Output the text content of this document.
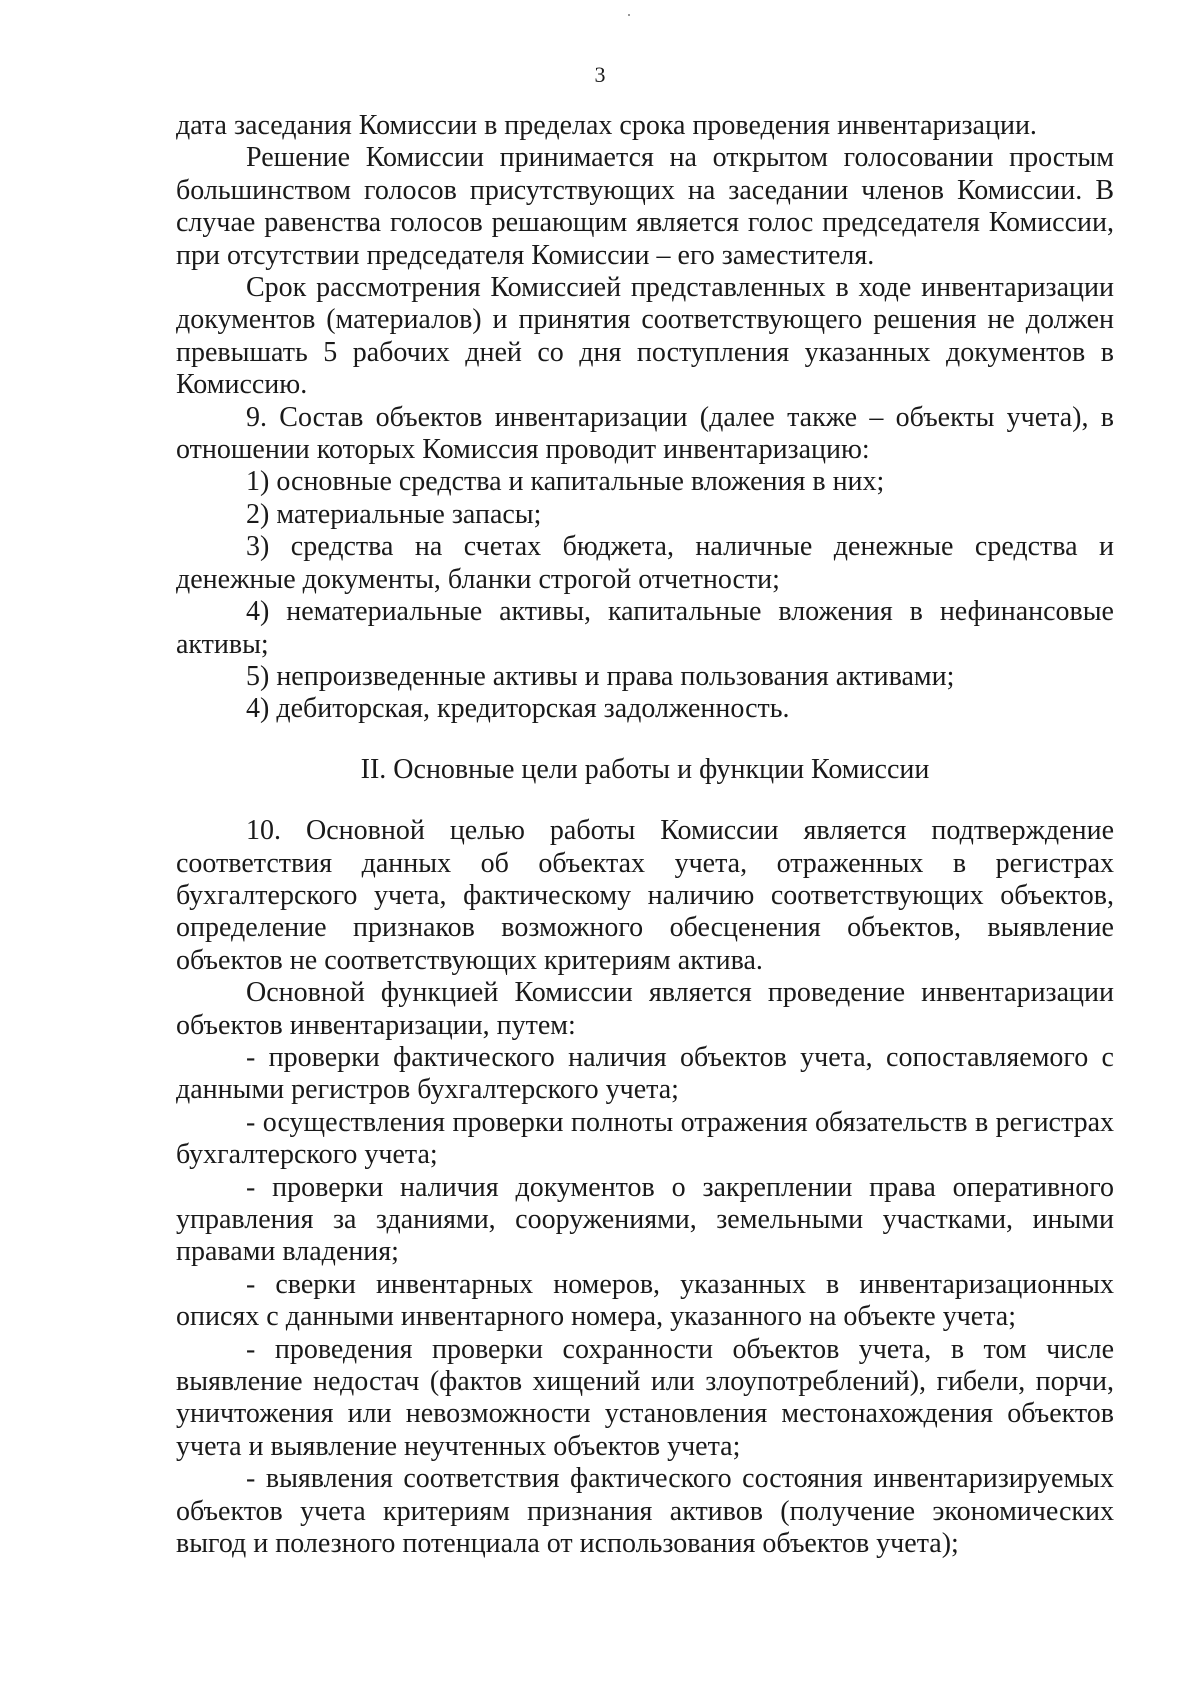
3

дата заседания Комиссии в пределах срока проведения инвентаризации.

Решение Комиссии принимается на открытом голосовании простым большинством голосов присутствующих на заседании членов Комиссии. В случае равенства голосов решающим является голос председателя Комиссии, при отсутствии председателя Комиссии – его заместителя.

Срок рассмотрения Комиссией представленных в ходе инвентаризации документов (материалов) и принятия соответствующего решения не должен превышать 5 рабочих дней со дня поступления указанных документов в Комиссию.

9. Состав объектов инвентаризации (далее также – объекты учета), в отношении которых Комиссия проводит инвентаризацию:

1) основные средства и капитальные вложения в них;

2) материальные запасы;

3) средства на счетах бюджета, наличные денежные средства и денежные документы, бланки строгой отчетности;

4) нематериальные активы, капитальные вложения в нефинансовые активы;

5) непроизведенные активы и права пользования активами;

4) дебиторская, кредиторская задолженность.

II. Основные цели работы и функции Комиссии

10. Основной целью работы Комиссии является подтверждение соответствия данных об объектах учета, отраженных в регистрах бухгалтерского учета, фактическому наличию соответствующих объектов, определение признаков возможного обесценения объектов, выявление объектов не соответствующих критериям актива.

Основной функцией Комиссии является проведение инвентаризации объектов инвентаризации, путем:

- проверки фактического наличия объектов учета, сопоставляемого с данными регистров бухгалтерского учета;

- осуществления проверки полноты отражения обязательств в регистрах бухгалтерского учета;

- проверки наличия документов о закреплении права оперативного управления за зданиями, сооружениями, земельными участками, иными правами владения;

- сверки инвентарных номеров, указанных в инвентаризационных описях с данными инвентарного номера, указанного на объекте учета;

- проведения проверки сохранности объектов учета, в том числе выявление недостач (фактов хищений или злоупотреблений), гибели, порчи, уничтожения или невозможности установления местонахождения объектов учета и выявление неучтенных объектов учета;

- выявления соответствия фактического состояния инвентаризируемых объектов учета критериям признания активов (получение экономических выгод и полезного потенциала от использования объектов учета);
